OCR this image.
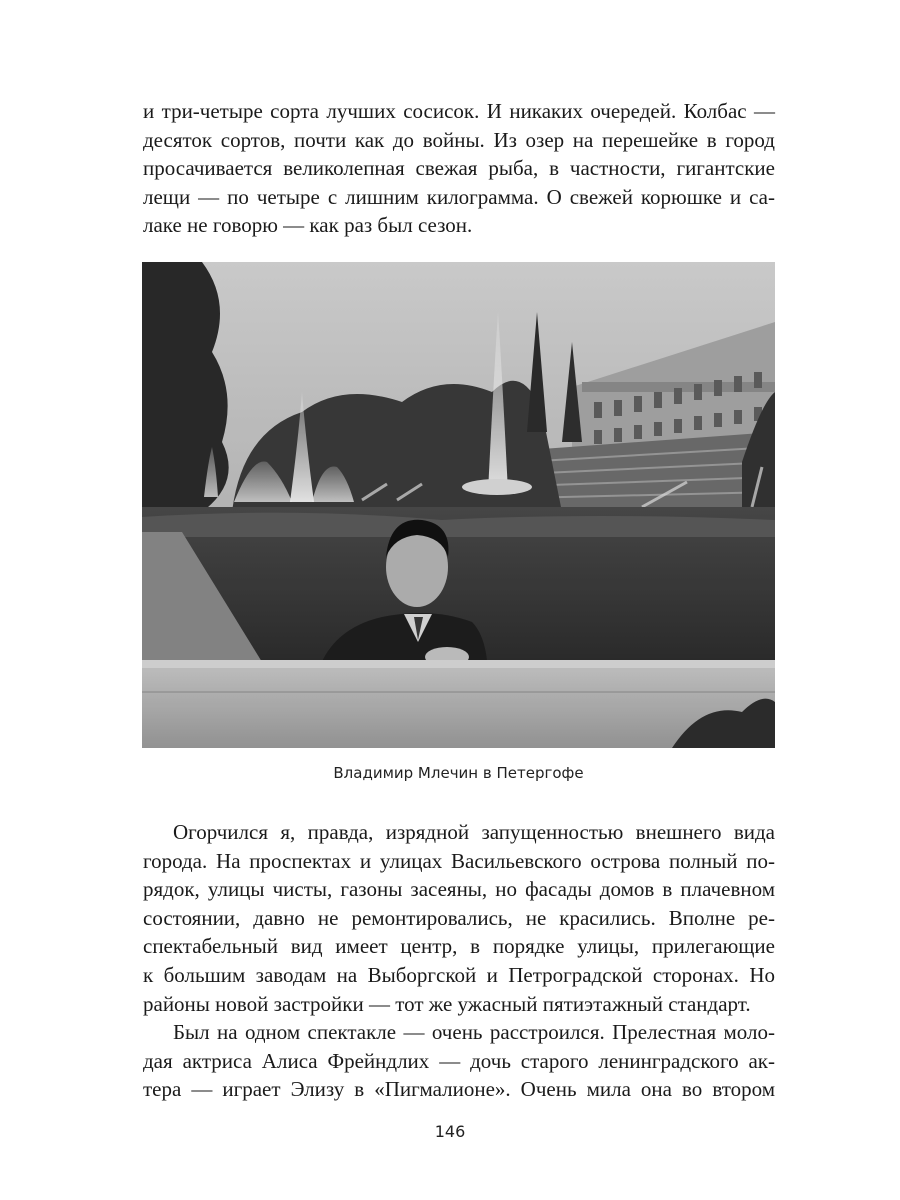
и три-четыре сорта лучших сосисок. И никаких очередей. Колбас —
десяток сортов, почти как до войны. Из озер на перешейке в город
просачивается великолепная свежая рыба, в частности, гигантские
лещи — по четыре с лишним килограмма. О свежей корюшке и са-
лаке не говорю — как раз был сезон.
Владимир Млечин в Петергофе
Огорчился я, правда, изрядной запущенностью внешнего вида
города. На проспектах и улицах Васильевского острова полный по-
рядок, улицы чисты, газоны засеяны, но фасады домов в плачевном
состоянии, давно не ремонтировались, не красились. Вполне ре-
спектабельный вид имеет центр, в порядке улицы, прилегающие
к большим заводам на Выборгской и Петроградской сторонах. Но
районы новой застройки — тот же ужасный пятиэтажный стандарт.
Был на одном спектакле — очень расстроился. Прелестная моло-
дая актриса Алиса Фрейндлих — дочь старого ленинградского ак-
тера — играет Элизу в «Пигмалионе». Очень мила она во втором
146
